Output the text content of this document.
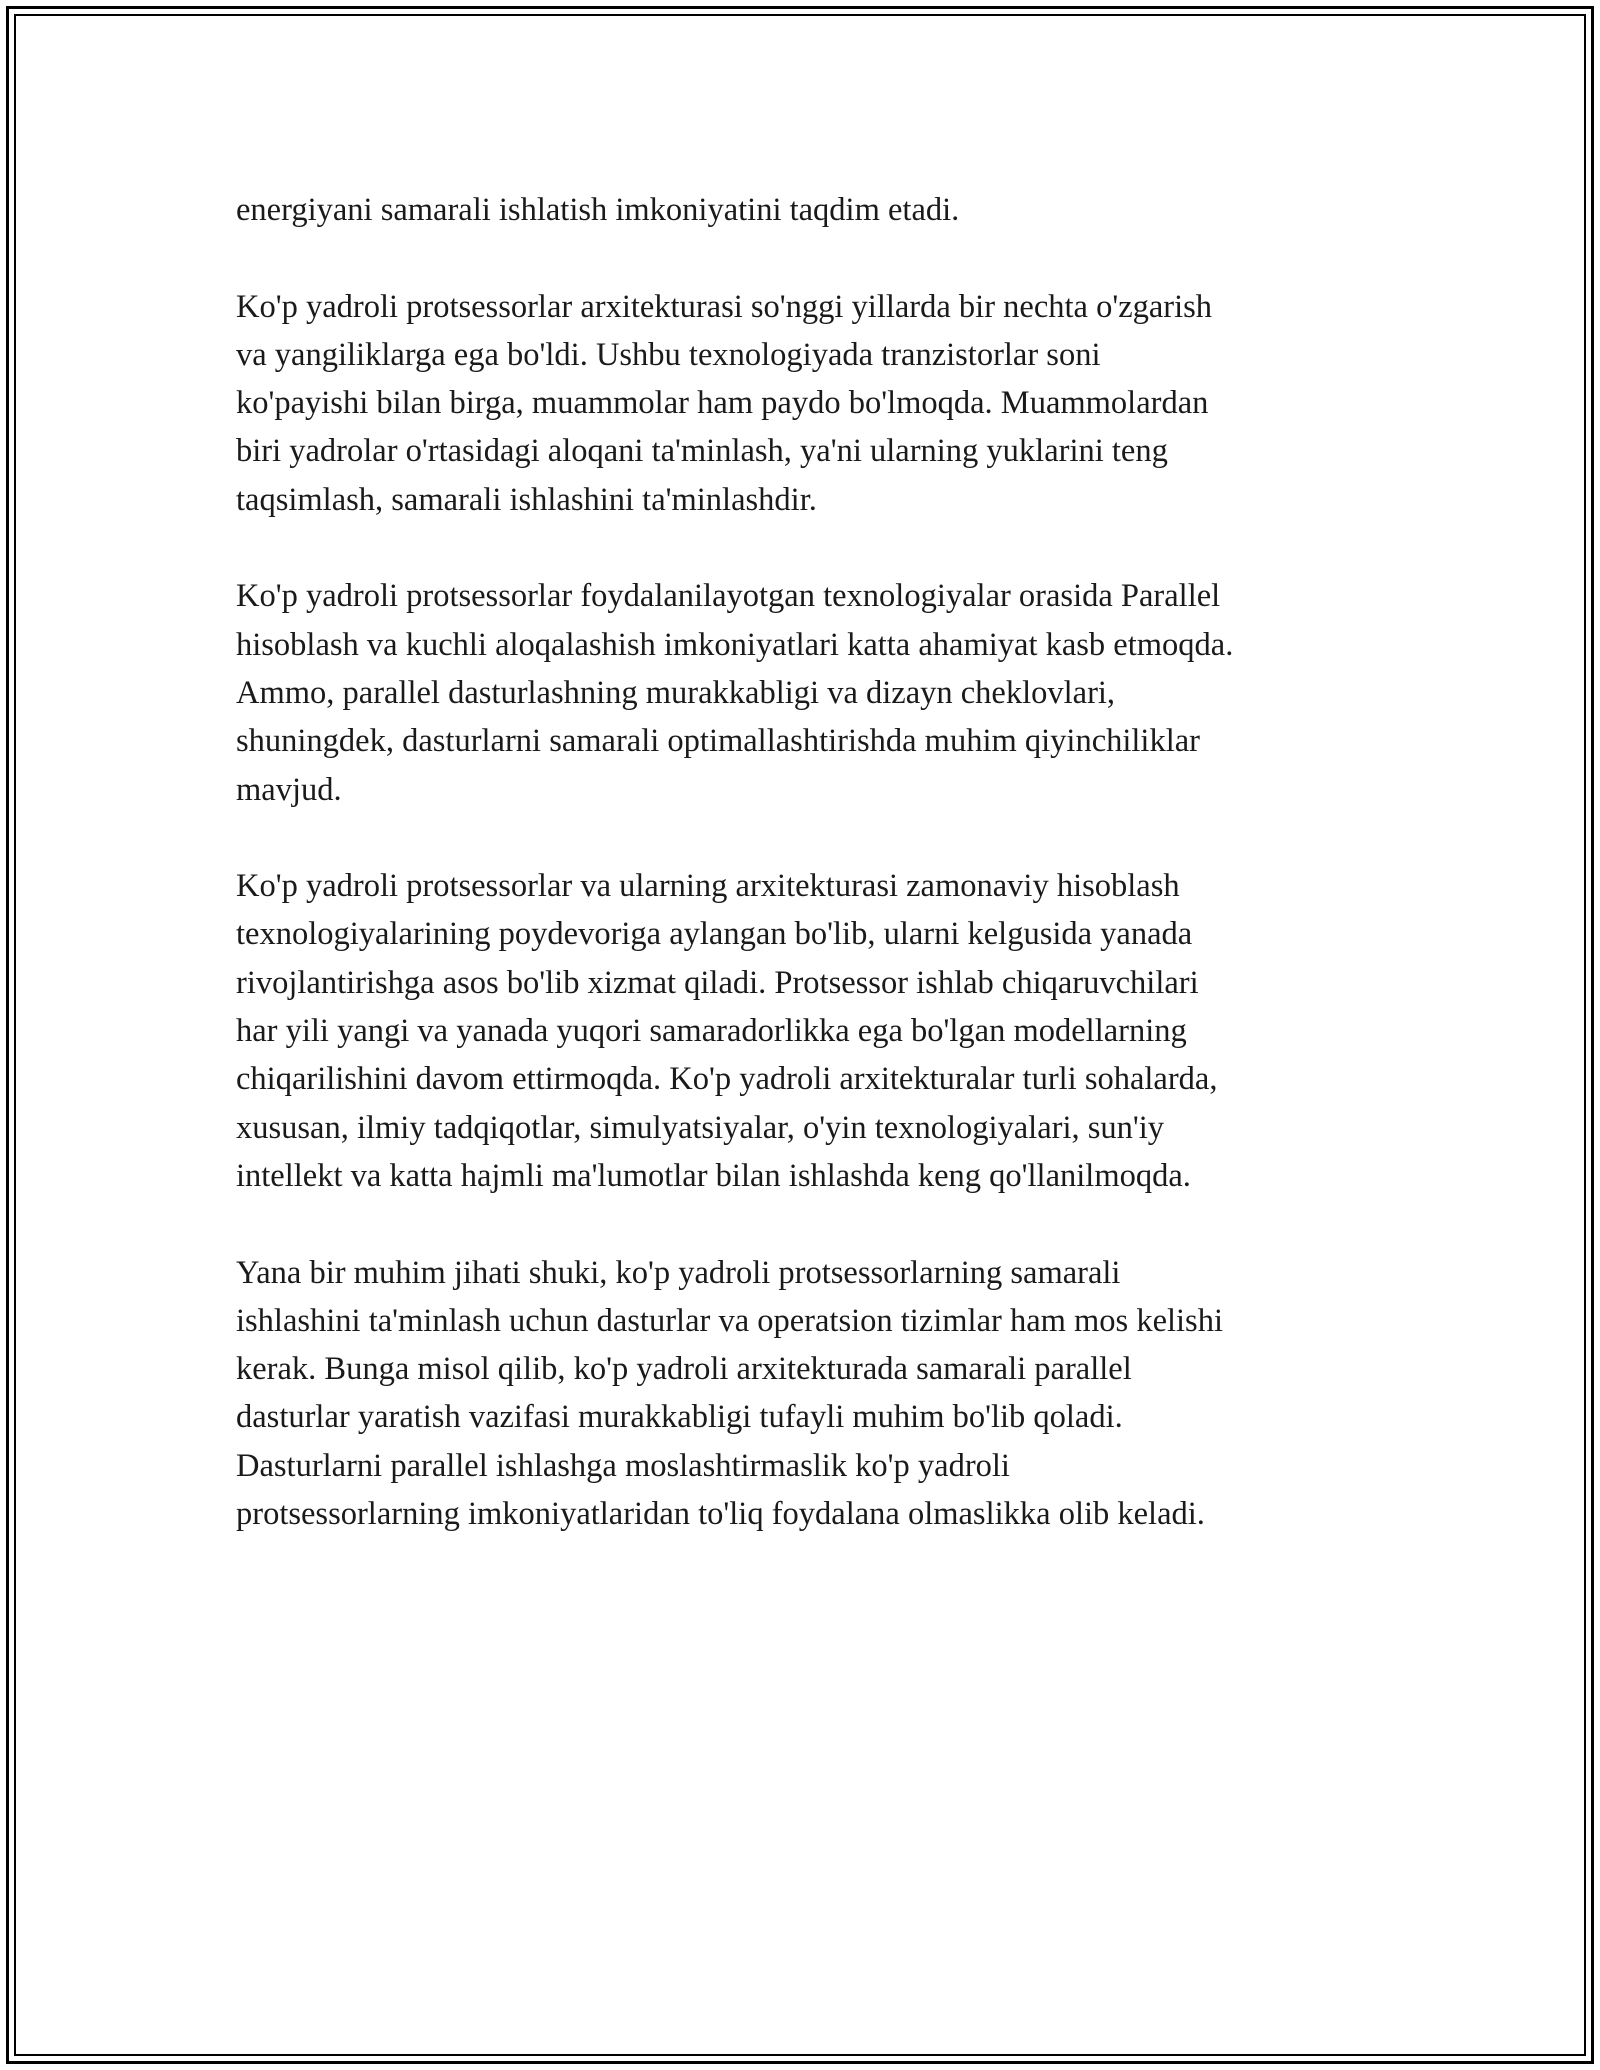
energiyani samarali ishlatish imkoniyatini taqdim etadi.

Ko'p yadroli protsessorlar arxitekturasi so'nggi yillarda bir nechta o'zgarish
va yangiliklarga ega bo'ldi. Ushbu texnologiyada tranzistorlar soni
ko'payishi bilan birga, muammolar ham paydo bo'lmoqda. Muammolardan
biri yadrolar o'rtasidagi aloqani ta'minlash, ya'ni ularning yuklarini teng
taqsimlash, samarali ishlashini ta'minlashdir.

Ko'p yadroli protsessorlar foydalanilayotgan texnologiyalar orasida Parallel
hisoblash va kuchli aloqalashish imkoniyatlari katta ahamiyat kasb etmoqda.
Ammo, parallel dasturlashning murakkabligi va dizayn cheklovlari,
shuningdek, dasturlarni samarali optimallashtirishda muhim qiyinchiliklar
mavjud.

Ko'p yadroli protsessorlar va ularning arxitekturasi zamonaviy hisoblash
texnologiyalarining poydevoriga aylangan bo'lib, ularni kelgusida yanada
rivojlantirishga asos bo'lib xizmat qiladi. Protsessor ishlab chiqaruvchilari
har yili yangi va yanada yuqori samaradorlikka ega bo'lgan modellarning
chiqarilishini davom ettirmoqda. Ko'p yadroli arxitekturalar turli sohalarda,
xususan, ilmiy tadqiqotlar, simulyatsiyalar, o'yin texnologiyalari, sun'iy
intellekt va katta hajmli ma'lumotlar bilan ishlashda keng qo'llanilmoqda.

Yana bir muhim jihati shuki, ko'p yadroli protsessorlarning samarali
ishlashini ta'minlash uchun dasturlar va operatsion tizimlar ham mos kelishi
kerak. Bunga misol qilib, ko'p yadroli arxitekturada samarali parallel
dasturlar yaratish vazifasi murakkabligi tufayli muhim bo'lib qoladi.
Dasturlarni parallel ishlashga moslashtirmaslik ko'p yadroli
protsessorlarning imkoniyatlaridan to'liq foydalana olmaslikka olib keladi.
